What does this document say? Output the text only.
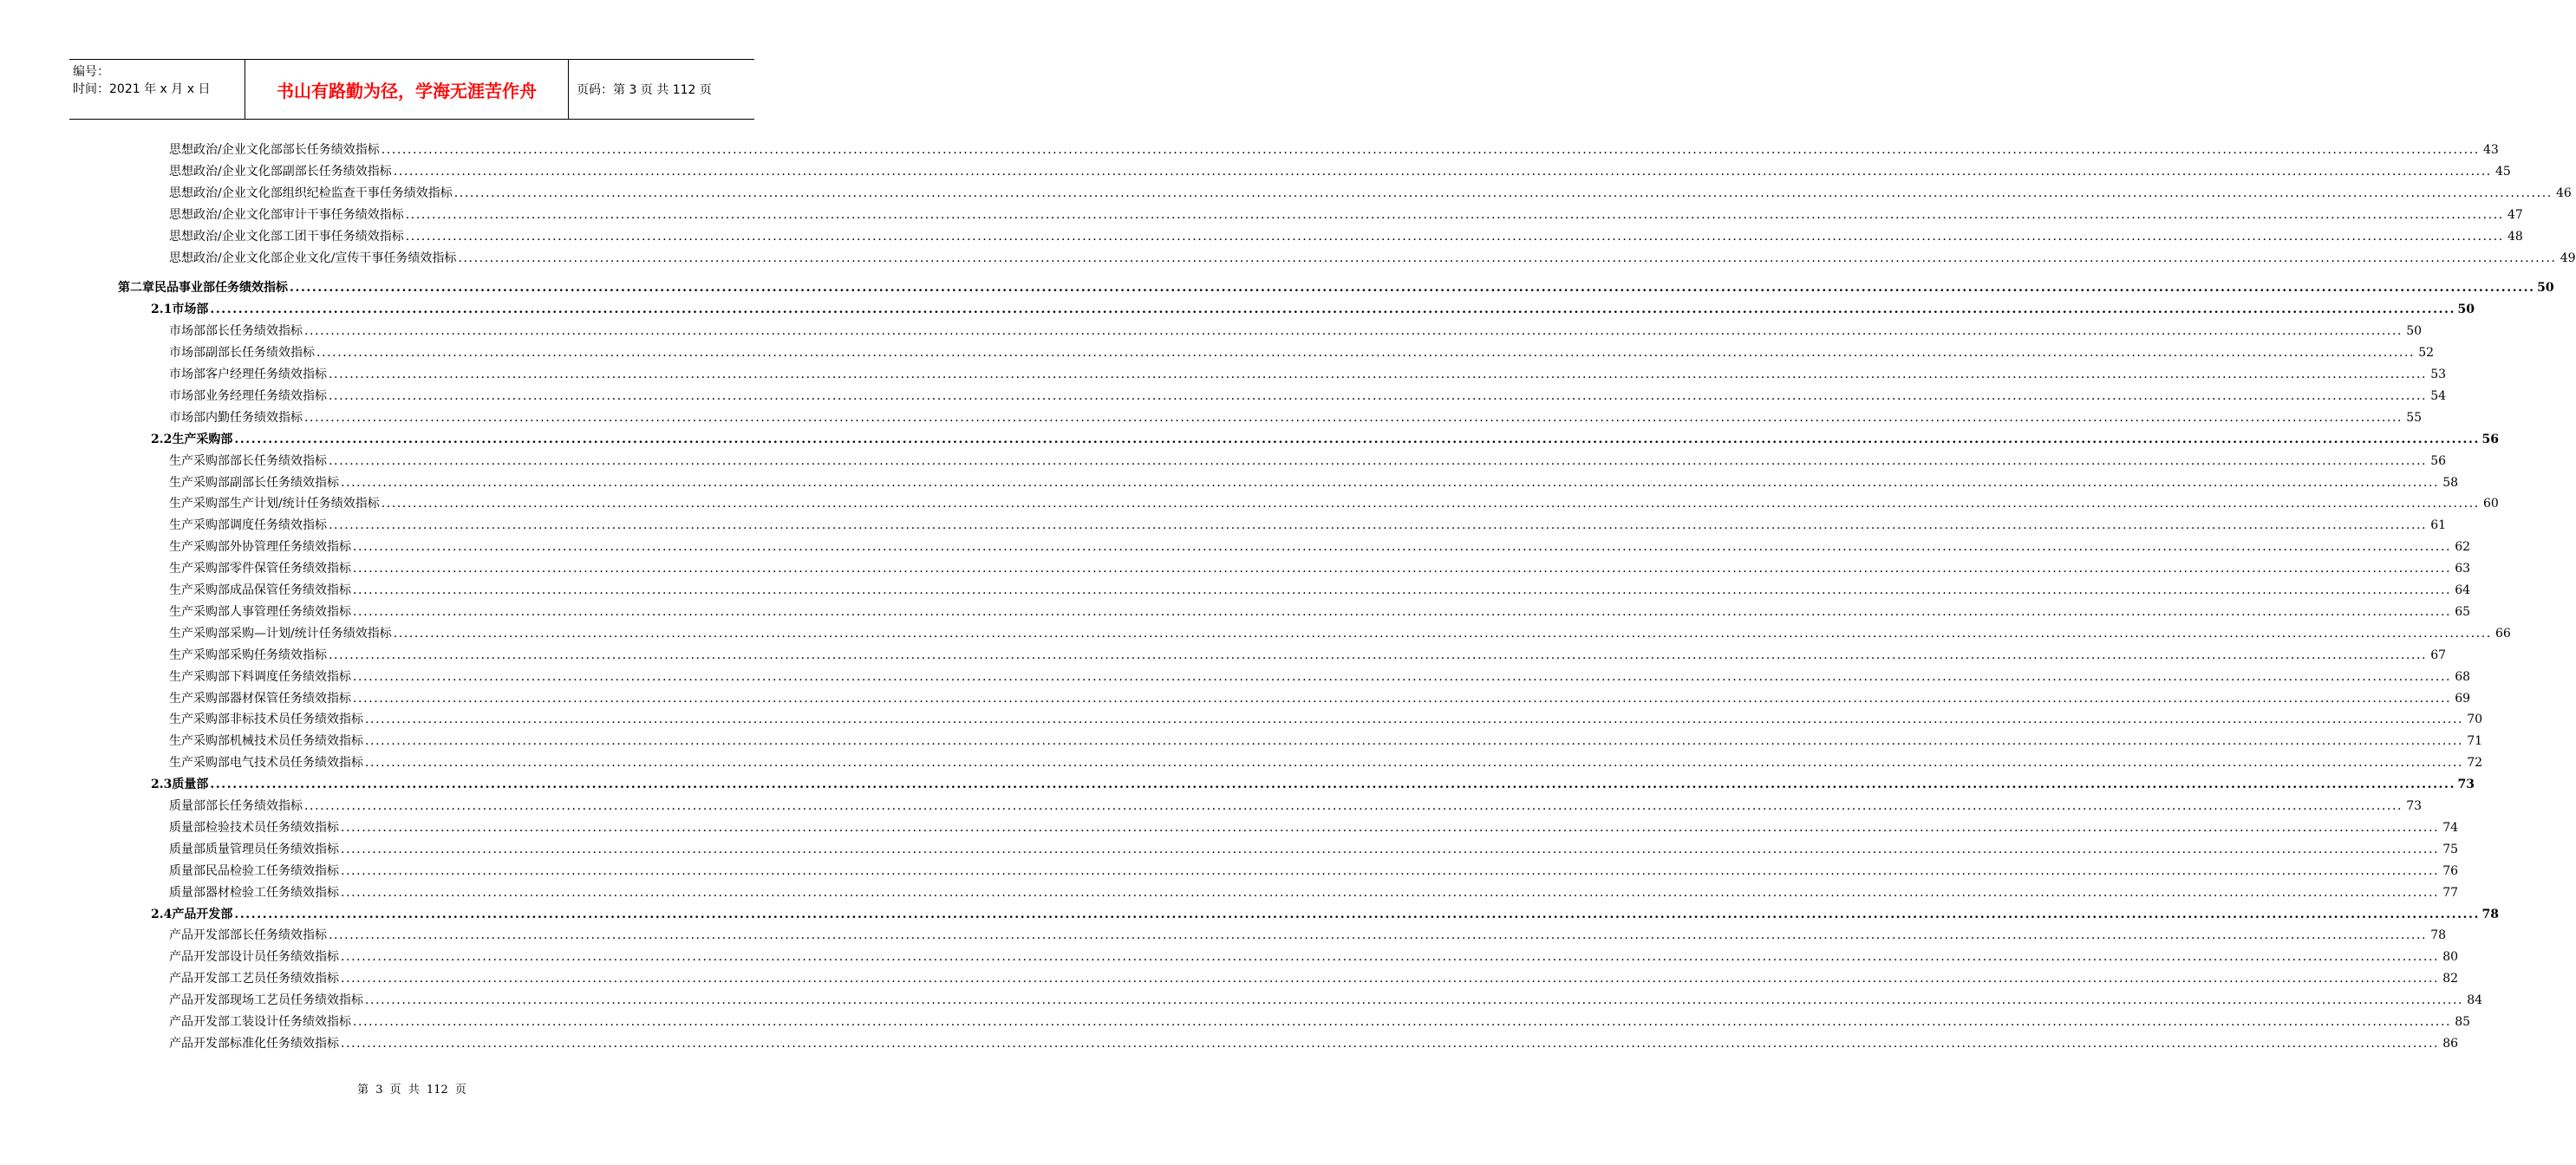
编号：
时间：2021 年 x 月 x 日	书山有路勤为径，学海无涯苦作舟	页码：第 3 页 共 112 页
思想政治/企业文化部部长任务绩效指标 ................................................................................................................................................................................................................................................................................................................................................................................................................ 43
思想政治/企业文化部副部长任务绩效指标 ................................................................................................................................................................................................................................................................................................................................................................................................................ 45
思想政治/企业文化部组织纪检监查干事任务绩效指标 ................................................................................................................................................................................................................................................................................................................................................................................................................ 46
思想政治/企业文化部审计干事任务绩效指标 ................................................................................................................................................................................................................................................................................................................................................................................................................ 47
思想政治/企业文化部工团干事任务绩效指标 ................................................................................................................................................................................................................................................................................................................................................................................................................ 48
思想政治/企业文化部企业文化/宣传干事任务绩效指标 ................................................................................................................................................................................................................................................................................................................................................................................................................ 49
第二章 民品事业部任务绩效指标 ................................................................................................................................................................................................................................................................................................................................................................................................................ 50
2.1 市场部 ................................................................................................................................................................................................................................................................................................................................................................................................................ 50
市场部部长任务绩效指标 ................................................................................................................................................................................................................................................................................................................................................................................................................ 50
市场部副部长任务绩效指标 ................................................................................................................................................................................................................................................................................................................................................................................................................ 52
市场部客户经理任务绩效指标 ................................................................................................................................................................................................................................................................................................................................................................................................................ 53
市场部业务经理任务绩效指标 ................................................................................................................................................................................................................................................................................................................................................................................................................ 54
市场部内勤任务绩效指标 ................................................................................................................................................................................................................................................................................................................................................................................................................ 55
2.2 生产采购部 ................................................................................................................................................................................................................................................................................................................................................................................................................ 56
生产采购部部长任务绩效指标 ................................................................................................................................................................................................................................................................................................................................................................................................................ 56
生产采购部副部长任务绩效指标 ................................................................................................................................................................................................................................................................................................................................................................................................................ 58
生产采购部生产计划/统计任务绩效指标 ................................................................................................................................................................................................................................................................................................................................................................................................................ 60
生产采购部调度任务绩效指标 ................................................................................................................................................................................................................................................................................................................................................................................................................ 61
生产采购部外协管理任务绩效指标 ................................................................................................................................................................................................................................................................................................................................................................................................................ 62
生产采购部零件保管任务绩效指标 ................................................................................................................................................................................................................................................................................................................................................................................................................ 63
生产采购部成品保管任务绩效指标 ................................................................................................................................................................................................................................................................................................................................................................................................................ 64
生产采购部人事管理任务绩效指标 ................................................................................................................................................................................................................................................................................................................................................................................................................ 65
生产采购部采购—计划/统计任务绩效指标 ................................................................................................................................................................................................................................................................................................................................................................................................................ 66
生产采购部采购任务绩效指标 ................................................................................................................................................................................................................................................................................................................................................................................................................ 67
生产采购部下料调度任务绩效指标 ................................................................................................................................................................................................................................................................................................................................................................................................................ 68
生产采购部器材保管任务绩效指标 ................................................................................................................................................................................................................................................................................................................................................................................................................ 69
生产采购部非标技术员任务绩效指标 ................................................................................................................................................................................................................................................................................................................................................................................................................ 70
生产采购部机械技术员任务绩效指标 ................................................................................................................................................................................................................................................................................................................................................................................................................ 71
生产采购部电气技术员任务绩效指标 ................................................................................................................................................................................................................................................................................................................................................................................................................ 72
2.3 质量部 ................................................................................................................................................................................................................................................................................................................................................................................................................ 73
质量部部长任务绩效指标 ................................................................................................................................................................................................................................................................................................................................................................................................................ 73
质量部检验技术员任务绩效指标 ................................................................................................................................................................................................................................................................................................................................................................................................................ 74
质量部质量管理员任务绩效指标 ................................................................................................................................................................................................................................................................................................................................................................................................................ 75
质量部民品检验工任务绩效指标 ................................................................................................................................................................................................................................................................................................................................................................................................................ 76
质量部器材检验工任务绩效指标 ................................................................................................................................................................................................................................................................................................................................................................................................................ 77
2.4 产品开发部 ................................................................................................................................................................................................................................................................................................................................................................................................................ 78
产品开发部部长任务绩效指标 ................................................................................................................................................................................................................................................................................................................................................................................................................ 78
产品开发部设计员任务绩效指标 ................................................................................................................................................................................................................................................................................................................................................................................................................ 80
产品开发部工艺员任务绩效指标 ................................................................................................................................................................................................................................................................................................................................................................................................................ 82
产品开发部现场工艺员任务绩效指标 ................................................................................................................................................................................................................................................................................................................................................................................................................ 84
产品开发部工装设计任务绩效指标 ................................................................................................................................................................................................................................................................................................................................................................................................................ 85
产品开发部标准化任务绩效指标 ................................................................................................................................................................................................................................................................................................................................................................................................................ 86
第 3 页 共 112 页
